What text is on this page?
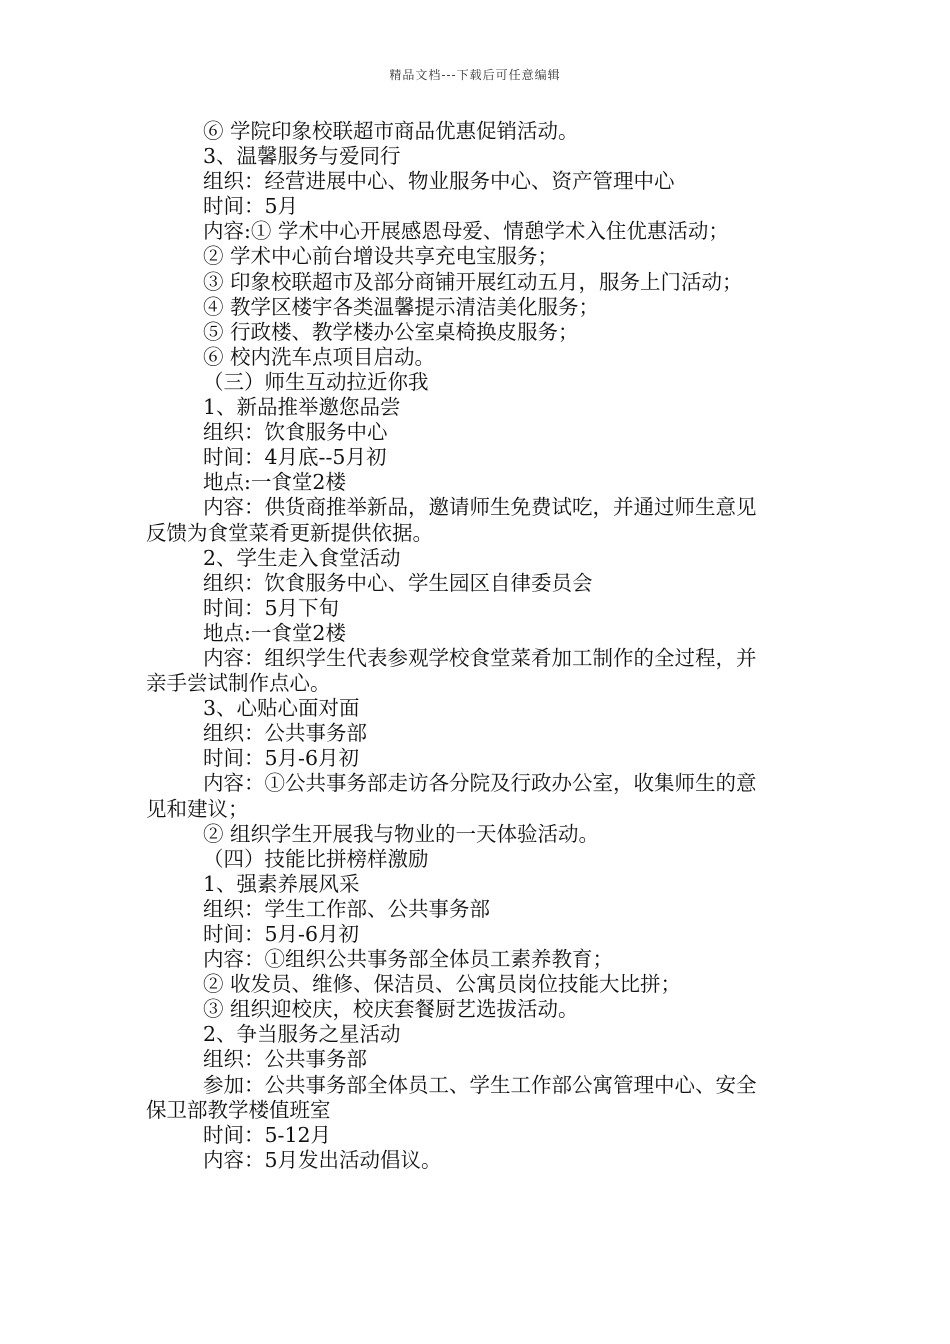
精品文档---下载后可任意编辑
⑥ 学院印象校联超市商品优惠促销活动。
3、温馨服务与爱同行
组织：经营进展中心、物业服务中心、资产管理中心
时间：5月
内容:① 学术中心开展感恩母爱、情憩学术入住优惠活动；
② 学术中心前台增设共享充电宝服务；
③ 印象校联超市及部分商铺开展红动五月，服务上门活动；
④ 教学区楼宇各类温馨提示清洁美化服务；
⑤ 行政楼、教学楼办公室桌椅换皮服务；
⑥ 校内洗车点项目启动。
（三）师生互动拉近你我
1、新品推举邀您品尝
组织：饮食服务中心
时间：4月底--5月初
地点:一食堂2楼
内容：供货商推举新品，邀请师生免费试吃，并通过师生意见
反馈为食堂菜肴更新提供依据。
2、学生走入食堂活动
组织：饮食服务中心、学生园区自律委员会
时间：5月下旬
地点:一食堂2楼
内容：组织学生代表参观学校食堂菜肴加工制作的全过程，并
亲手尝试制作点心。
3、心贴心面对面
组织：公共事务部
时间：5月-6月初
内容：①公共事务部走访各分院及行政办公室，收集师生的意
见和建议；
② 组织学生开展我与物业的一天体验活动。
（四）技能比拼榜样激励
1、强素养展风采
组织：学生工作部、公共事务部
时间：5月-6月初
内容：①组织公共事务部全体员工素养教育；
② 收发员、维修、保洁员、公寓员岗位技能大比拼；
③ 组织迎校庆，校庆套餐厨艺选拔活动。
2、争当服务之星活动
组织：公共事务部
参加：公共事务部全体员工、学生工作部公寓管理中心、安全
保卫部教学楼值班室
时间：5-12月
内容：5月发出活动倡议。
